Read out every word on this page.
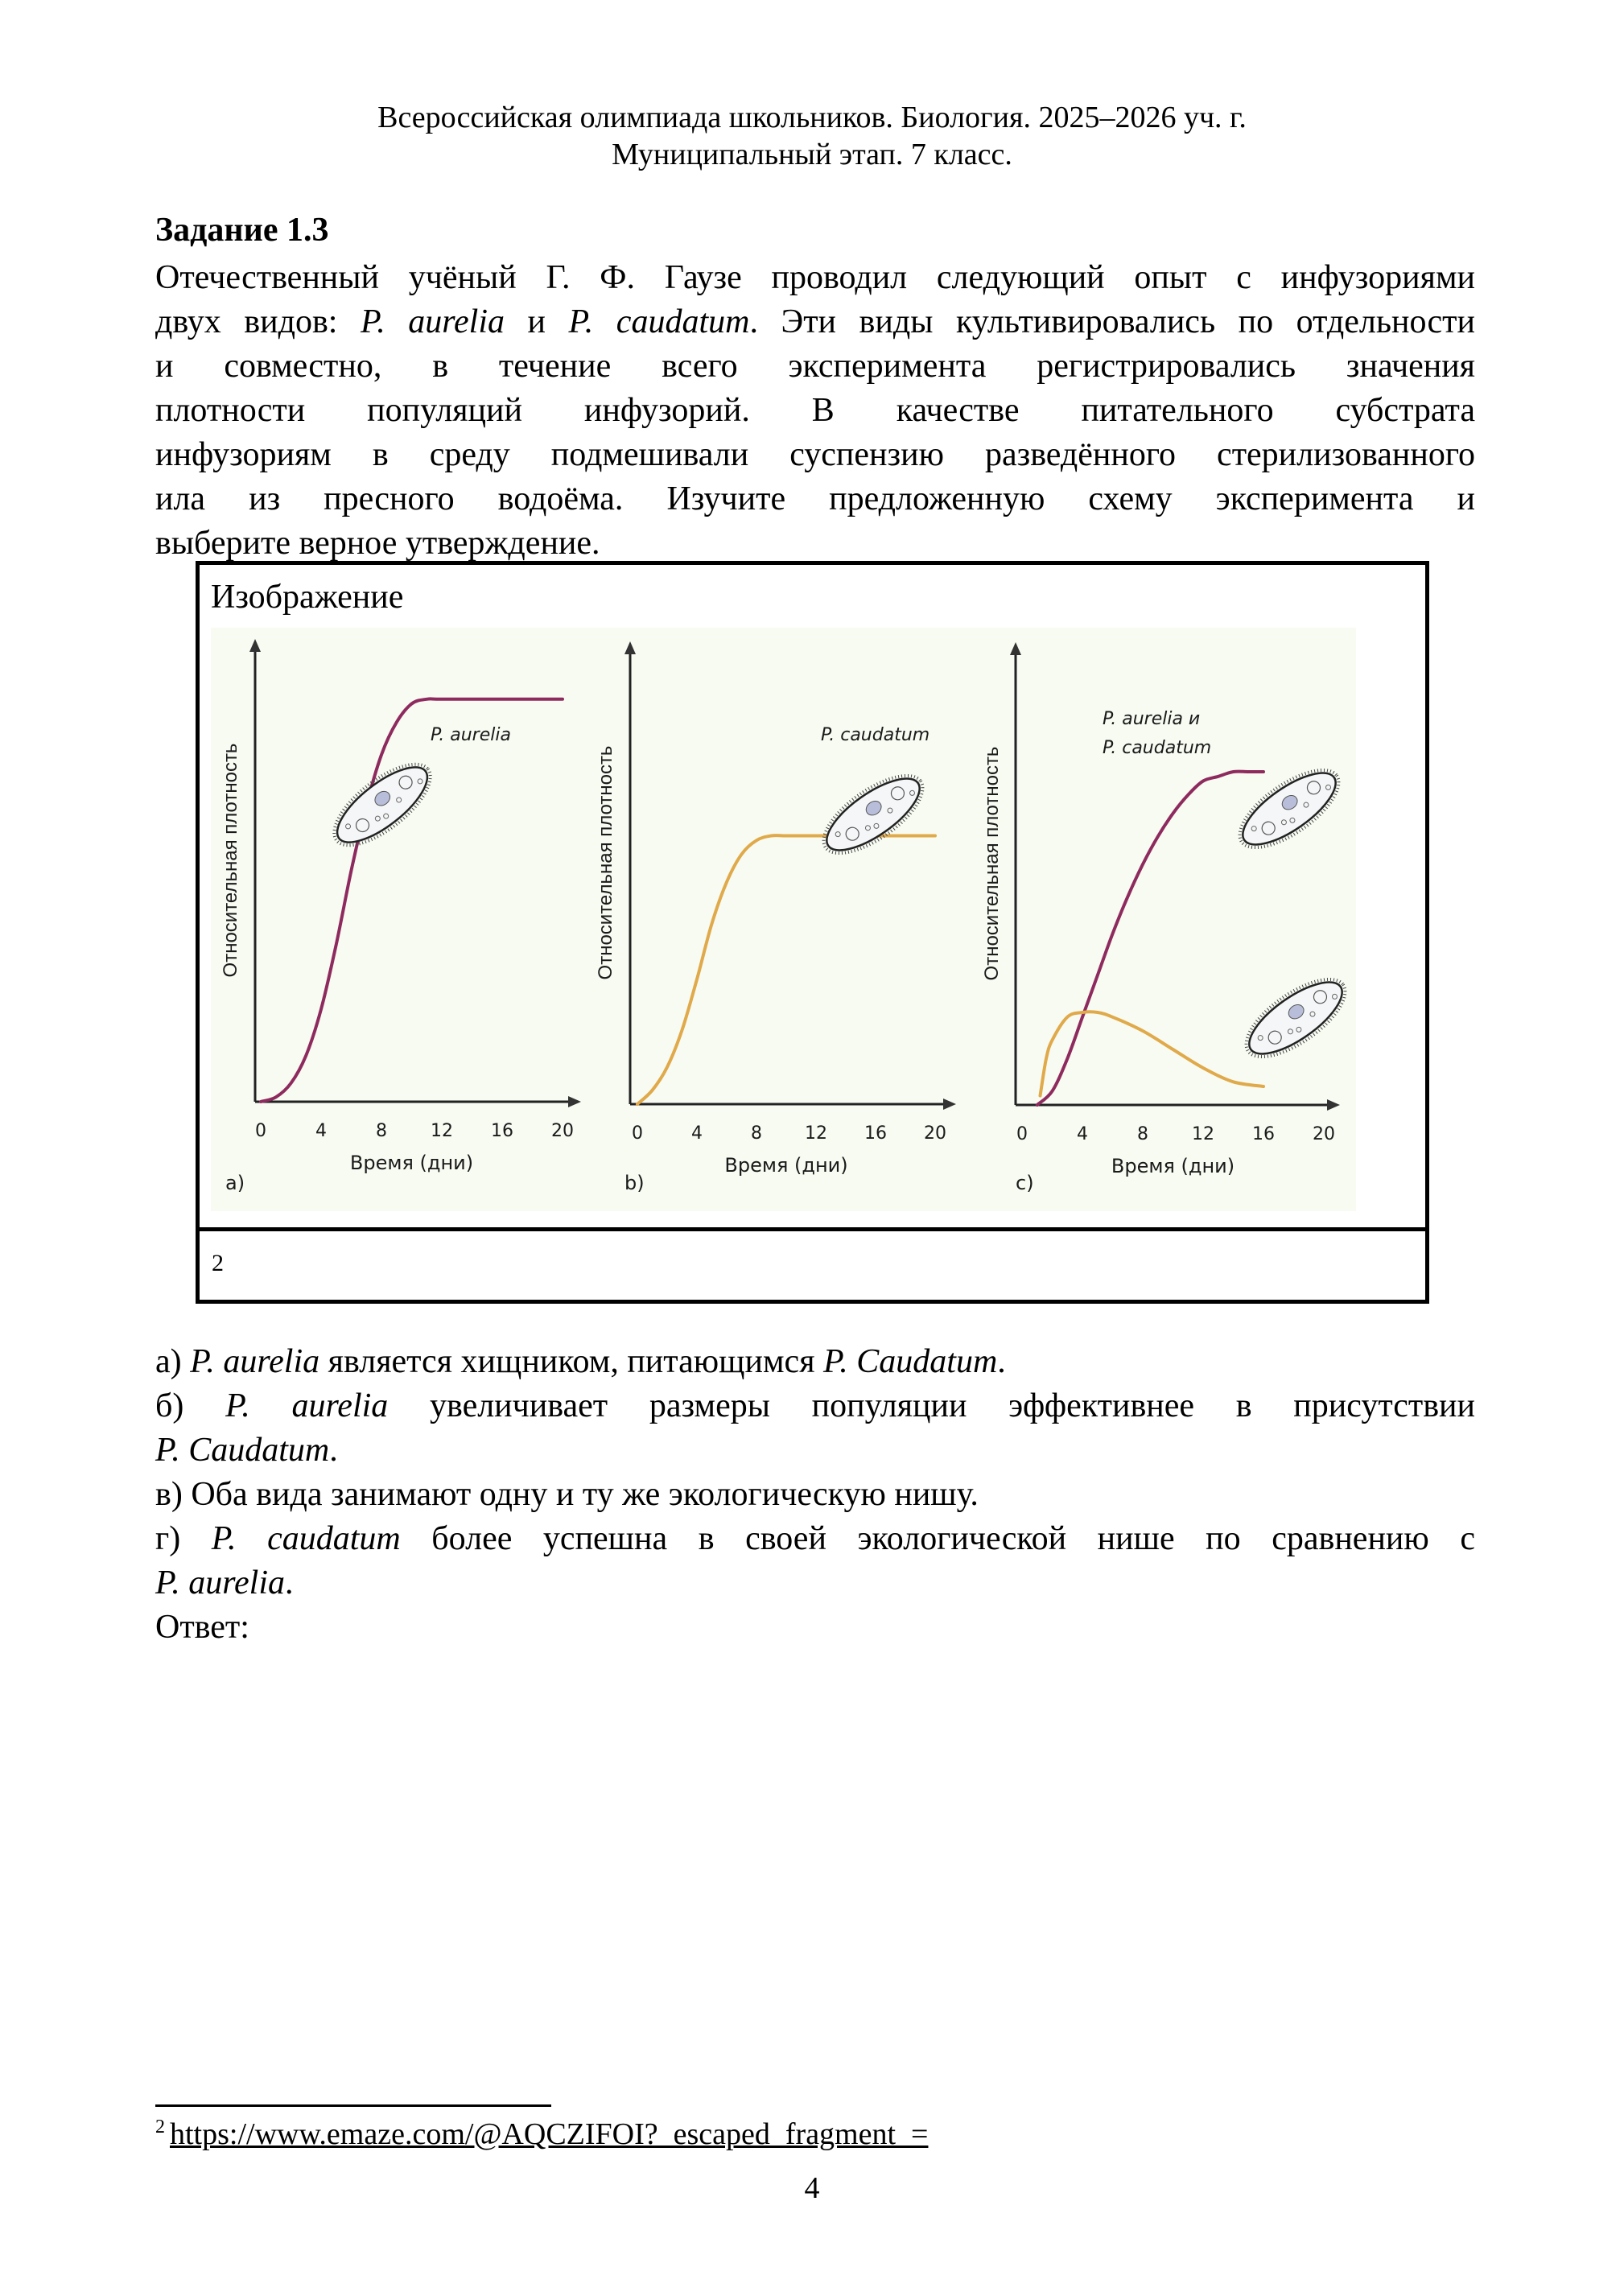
Всероссийская олимпиада школьников. Биология. 2025–2026 уч. г.
Муниципальный этап. 7 класс.
Задание 1.3
Отечественный учёный Г. Ф. Гаузе проводил следующий опыт с инфузориями
двух видов: P. aurelia и P. caudatum. Эти виды культивировались по отдельности
и совместно, в течение всего эксперимента регистрировались значения
плотности популяций инфузорий. В качестве питательного субстрата
инфузориям в среду подмешивали суспензию разведённого стерилизованного
ила из пресного водоёма. Изучите предложенную схему эксперимента и
выберите верное утверждение.
Изображение
2
0	4	8 12 16 20
Время (дни)
Относительная плотность
a)
P. aurelia
0	4	8 12 16 20
Время (дни)
Относительная плотность
b)
P. caudatum
0	4	8 12 16 20
Время (дни)
Относительная плотность
c)
P. aurelia и
P. caudatum
а) P. aurelia является хищником, питающимся P. Caudatum.
б) P. aurelia увеличивает размеры популяции эффективнее в присутствии
P. Caudatum.
в) Оба вида занимают одну и ту же экологическую нишу.
г) P. caudatum более успешна в своей экологической нише по сравнению с
P. aurelia.
Ответ:
$^2$ https://www.emaze.com/@AQCZIFOI?_escaped_fragment_=
4
